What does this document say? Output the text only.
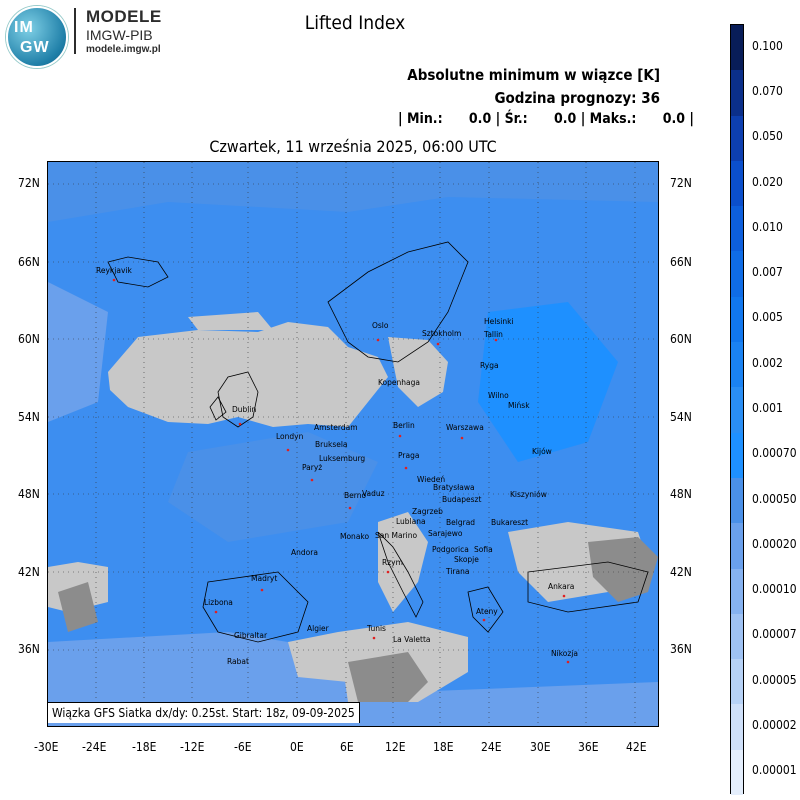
IM
GW
MODELE
IMGW-PIB
modele.imgw.pl
Lifted Index
Absolutne minimum w wiązce [K]
Godzina prognozy: 36
| Min.:      0.0 | Śr.:      0.0 | Maks.:      0.0 |
Czwartek, 11 września 2025, 06:00 UTC
Reykjavik
Oslo
Sztokholm
Helsinki
Tallin
Ryga
Kopenhaga
Wilno
Mińsk
Dublin
Londyn
Amsterdam
Bruksela
Luksemburg
Berlin	Warszawa
Kijów
Paryż
Praga
Wiedeń
Bratysława
Budapeszt
Kiszyniów
Berno
Vaduz
Zagrzeb
Lublana	Belgrad Bukareszt
Monako San Marino Sarajewo
Andora	Podgorica
Skopje
Sofia
Rzym
Tirana
Madryt
Ankara
Lizbona
Ateny
Algier	Tunis
Gibraltar	La Valetta
Nikozja
Rabat
Wiązka GFS Siatka dx/dy: 0.25st. Start: 18z, 09-09-2025
72N
66N
60N
54N
48N
42N
36N
72N
66N
60N
54N
48N
42N
36N
-30E -24E -18E -12E -6E	0E	6E	12E 18E 24E 30E 36E 42E
0.100
0.070
0.050
0.020
0.010
0.007
0.005
0.002
0.001
0.00070
0.00050
0.00020
0.00010
0.00007
0.00005
0.00002
0.00001
